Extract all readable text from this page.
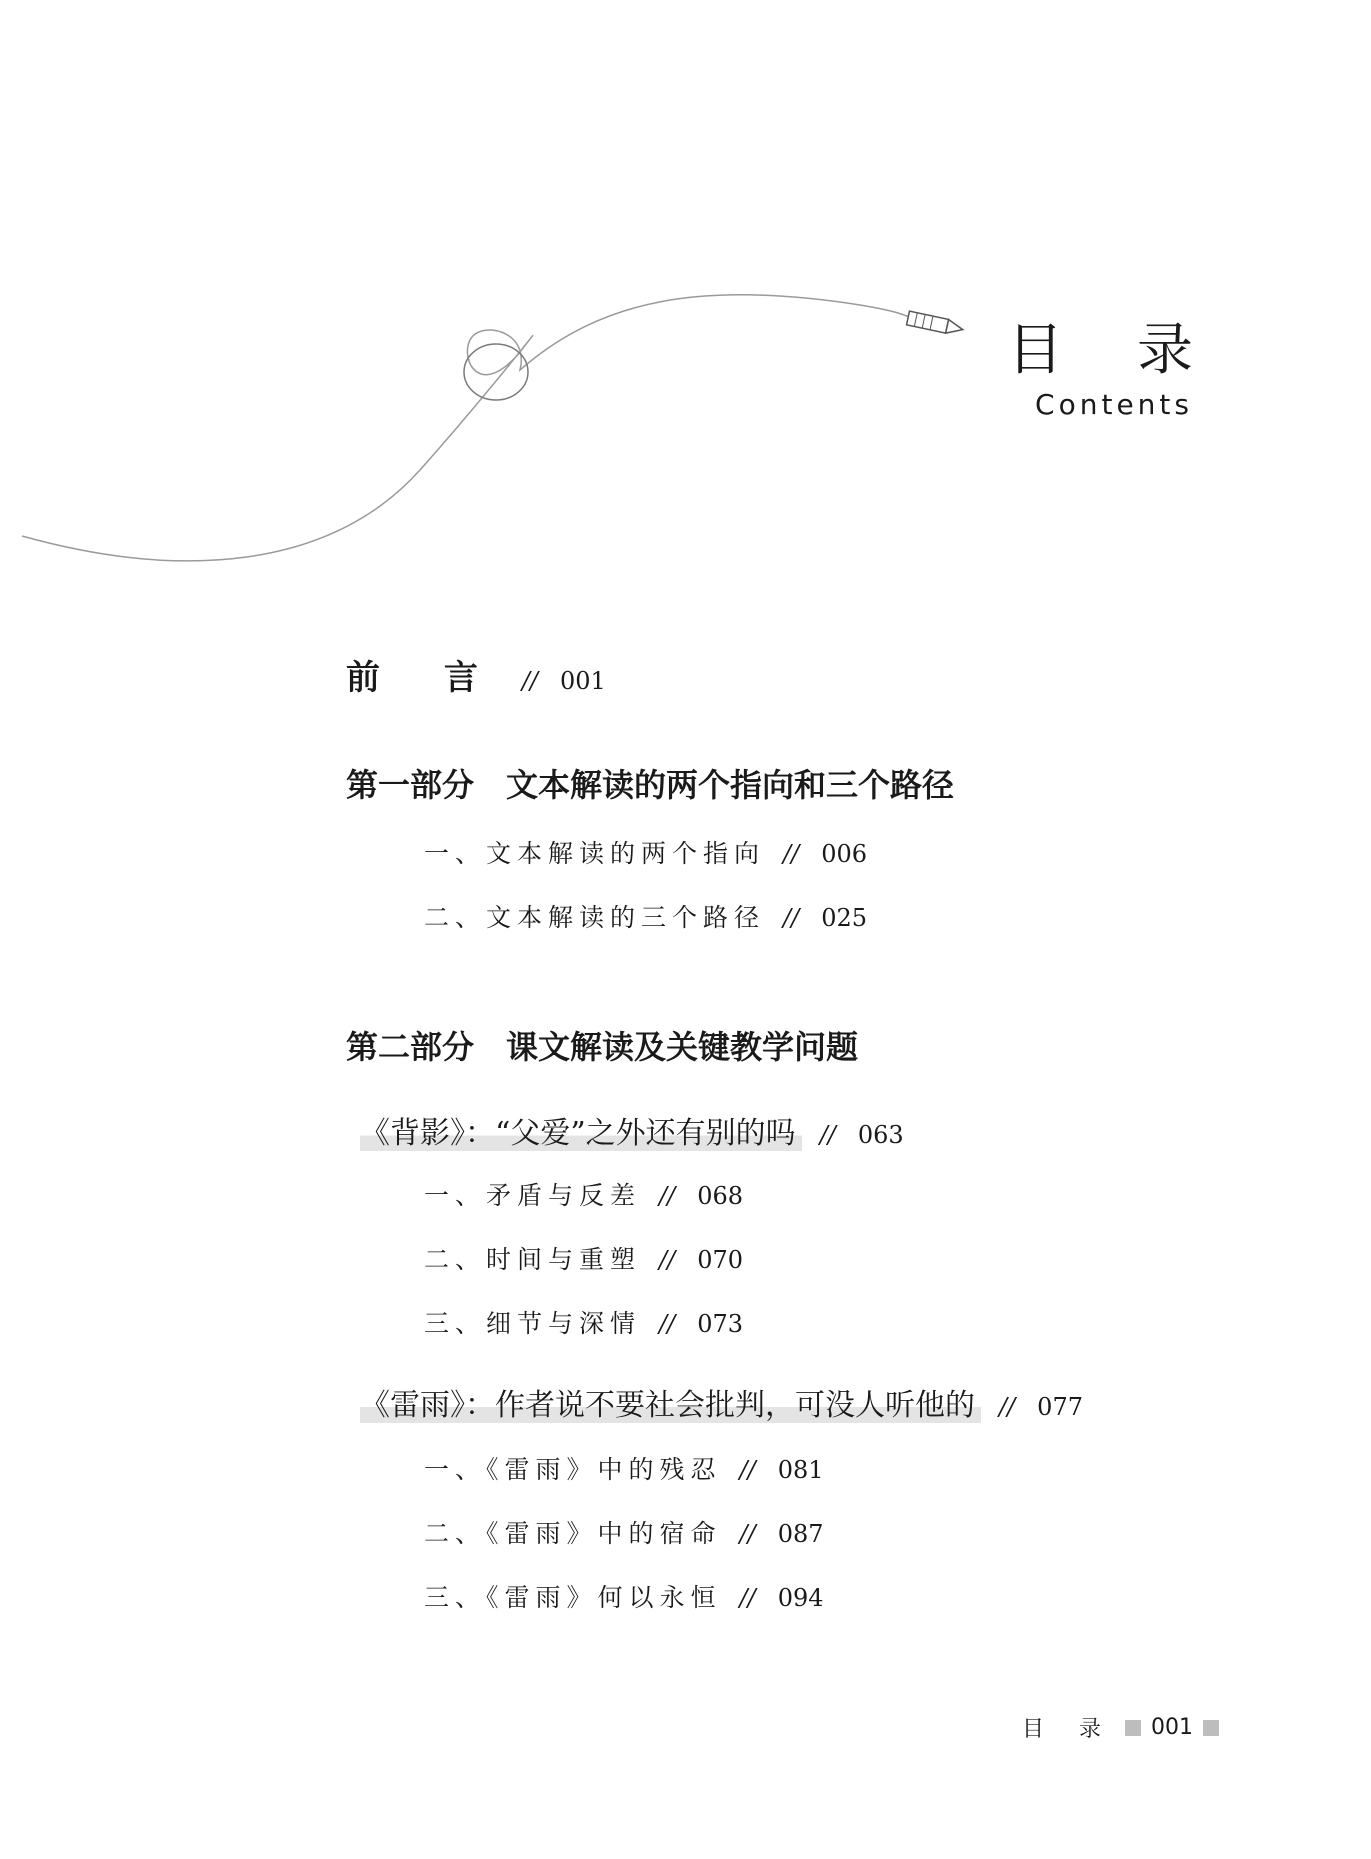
目 录
Contents
前 言 // 001
第一部分 文本解读的两个指向和三个路径
一、文本解读的两个指向 // 006
二、文本解读的三个路径 // 025
第二部分 课文解读及关键教学问题
《背影》：“父爱”之外还有别的吗 // 063
一、矛盾与反差 // 068
二、时间与重塑 // 070
三、细节与深情 // 073
《雷雨》：作者说不要社会批判，可没人听他的 // 077
一、《雷雨》中的残忍 // 081
二、《雷雨》中的宿命 // 087
三、《雷雨》何以永恒 // 094
目 录 001
